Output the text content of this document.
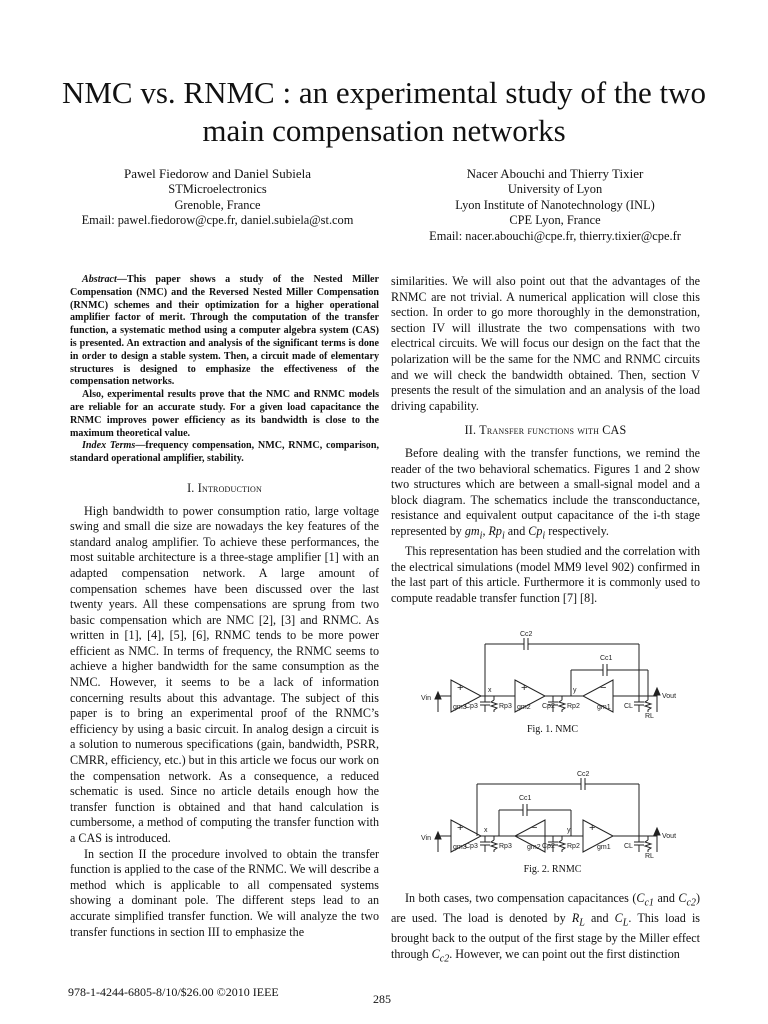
NMC vs. RNMC : an experimental study of the two main compensation networks
Pawel Fiedorow and Daniel Subiela
STMicroelectronics
Grenoble, France
Email: pawel.fiedorow@cpe.fr, daniel.subiela@st.com
Nacer Abouchi and Thierry Tixier
University of Lyon
Lyon Institute of Nanotechnology (INL)
CPE Lyon, France
Email: nacer.abouchi@cpe.fr, thierry.tixier@cpe.fr

Abstract—This paper shows a study of the Nested Miller Compensation (NMC) and the Reversed Nested Miller Compensation (RNMC) schemes and their optimization for a higher operational amplifier factor of merit. Through the computation of the transfer function, a systematic method using a computer algebra system (CAS) is presented. An extraction and analysis of the significant terms is done in order to design a stable system. Then, a circuit made of elementary structures is designed to emphasize the effectiveness of the compensation networks.

Also, experimental results prove that the NMC and RNMC models are reliable for an accurate study. For a given load capacitance the RNMC improves power efficiency as its bandwidth is close to the maximum theoretical value.

Index Terms—frequency compensation, NMC, RNMC, comparison, standard operational amplifier, stability.

I. Introduction

High bandwidth to power consumption ratio, large voltage swing and small die size are nowadays the key features of the standard analog amplifier. To achieve these performances, the most suitable architecture is a three-stage amplifier [1] with an adapted compensation network. A large amount of compensation schemes have been discussed over the last twenty years. All these compensations are sprung from two basic compensation which are NMC [2], [3] and RNMC. As written in [1], [4], [5], [6], RNMC tends to be more power efficient as NMC. In terms of frequency, the RNMC seems to achieve a higher bandwidth for the same consumption as the NMC. However, it seems to be a lack of information concerning results about this advantage. The subject of this paper is to bring an experimental proof of the RNMC’s efficiency by using a basic circuit. In analog design a circuit is a solution to numerous specifications (gain, bandwidth, PSRR, CMRR, efficiency, etc.) but in this article we focus our work on the compensation network. As a consequence, a reduced schematic is used. Since no article details enough how the transfer function is obtained and that hand calculation is cumbersome, a method of computing the transfer function with a CAS is introduced.

In section II the procedure involved to obtain the transfer function is applied to the case of the RNMC. We will describe a method which is applicable to all compensated systems showing a dominant pole. The different steps lead to an accurate simplified transfer function. We will analyze the two transfer functions in section III to emphasize the

similarities. We will also point out that the advantages of the RNMC are not trivial. A numerical application will close this section. In order to go more thoroughly in the demonstration, section IV will illustrate the two compensations with two electrical circuits. We will focus our design on the fact that the polarization will be the same for the NMC and RNMC circuits and we will check the bandwidth obtained. Then, section V presents the result of the simulation and an analysis of the load driving capability.

II. Transfer functions with CAS

Before dealing with the transfer functions, we remind the reader of the two behavioral schematics. Figures 1 and 2 show two structures which are between a small-signal model and a block diagram. The schematics include the transconductance, resistance and equivalent output capacitance of the i-th stage represented by $gm_i$, $Rp_i$ and $Cp_i$ respectively.

This representation has been studied and the correlation with the electrical simulations (model MM9 level 902) confirmed in the last part of this article. Furthermore it is commonly used to compute readable transfer function [7] [8].

+	+	−
Cc2
Cc1
Vin	Vout
gm3	gm2	gm1
Cp3	Rp3	Cp2 Rp2	CL
RL
x	y

Fig. 1. NMC

+	−	+
Cc2
Cc1
Vin	Vout
gm3	gm2	gm1
Cp3	Rp3	Cp2 Rp2	CL
RL
x	y

Fig. 2. RNMC

In both cases, two compensation capacitances ($C_{c1}$ and $C_{c2}$) are used. The load is denoted by $R_L$ and $C_L$. This load is brought back to the output of the first stage by the Miller effect through $C_{c2}$. However, we can point out the first distinction

978-1-4244-6805-8/10/$26.00 ©2010 IEEE	285
